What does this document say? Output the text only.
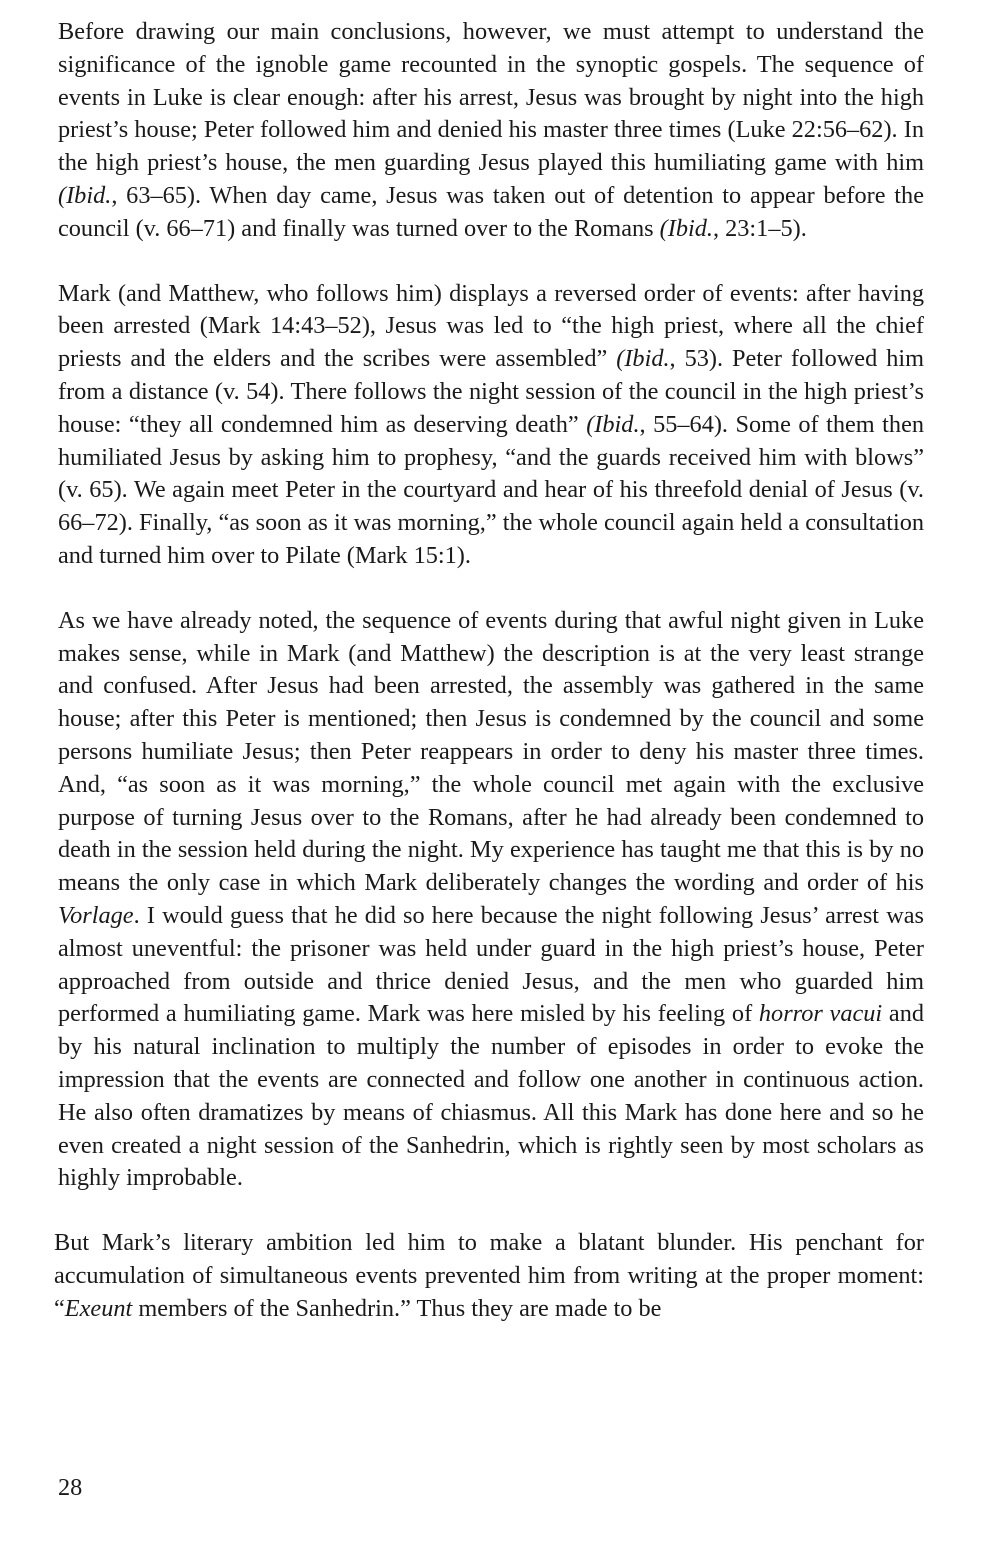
Before drawing our main conclusions, however, we must attempt to understand the significance of the ignoble game recounted in the synoptic gospels. The sequence of events in Luke is clear enough: after his arrest, Jesus was brought by night into the high priest’s house; Peter followed him and denied his master three times (Luke 22:56–62). In the high priest’s house, the men guarding Jesus played this humiliating game with him (Ibid., 63–65). When day came, Jesus was taken out of detention to appear before the council (v. 66–71) and finally was turned over to the Romans (Ibid., 23:1–5).

Mark (and Matthew, who follows him) displays a reversed order of events: after having been arrested (Mark 14:43–52), Jesus was led to “the high priest, where all the chief priests and the elders and the scribes were assembled” (Ibid., 53). Peter followed him from a distance (v. 54). There follows the night session of the council in the high priest’s house: “they all condemned him as deserving death” (Ibid., 55–64). Some of them then humiliated Jesus by asking him to prophesy, “and the guards received him with blows” (v. 65). We again meet Peter in the courtyard and hear of his threefold denial of Jesus (v. 66–72). Finally, “as soon as it was morning,” the whole council again held a consultation and turned him over to Pilate (Mark 15:1).

As we have already noted, the sequence of events during that awful night given in Luke makes sense, while in Mark (and Matthew) the description is at the very least strange and confused. After Jesus had been arrested, the assembly was gathered in the same house; after this Peter is mentioned; then Jesus is condemned by the council and some persons humiliate Jesus; then Peter reappears in order to deny his master three times. And, “as soon as it was morning,” the whole council met again with the exclusive purpose of turning Jesus over to the Romans, after he had already been condemned to death in the session held during the night. My experience has taught me that this is by no means the only case in which Mark deliberately changes the wording and order of his Vorlage. I would guess that he did so here because the night following Jesus’ arrest was almost uneventful: the prisoner was held under guard in the high priest’s house, Peter approached from outside and thrice denied Jesus, and the men who guarded him performed a humiliating game. Mark was here misled by his feeling of horror vacui and by his natural inclination to multiply the number of episodes in order to evoke the impression that the events are connected and follow one another in continuous action. He also often dramatizes by means of chiasmus. All this Mark has done here and so he even created a night session of the Sanhedrin, which is rightly seen by most scholars as highly improbable.

But Mark’s literary ambition led him to make a blatant blunder. His penchant for accumulation of simultaneous events prevented him from writing at the proper moment: “Exeunt members of the Sanhedrin.” Thus they are made to be

28
